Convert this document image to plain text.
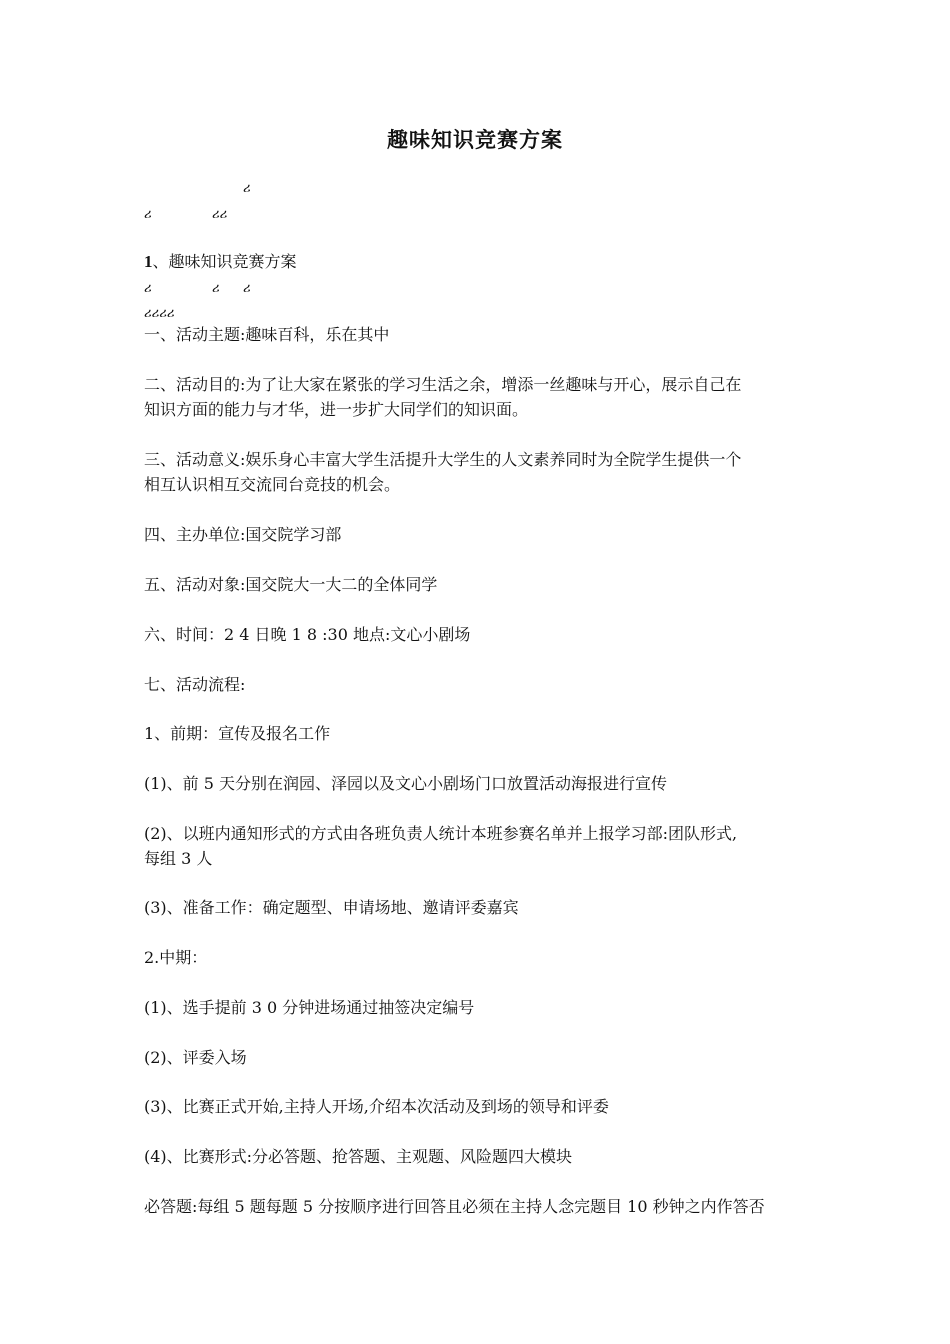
趣味知识竞赛方案
ሪ
ሪ	ሪሪ
1、趣味知识竞赛方案
ሪ	ሪ ሪ
ሪሪሪሪ
一、活动主题:趣味百科，乐在其中
二、活动目的:为了让大家在紧张的学习生活之余，增添一丝趣味与开心，展示自己在
知识方面的能力与才华，进一步扩大同学们的知识面。
三、活动意义:娱乐身心丰富大学生活提升大学生的人文素养同时为全院学生提供一个
相互认识相互交流同台竞技的机会。
四、主办单位:国交院学习部
五、活动对象:国交院大一大二的全体同学
六、时间：2 4 日晚 1 8 :30 地点:文心小剧场
七、活动流程:
1、前期：宣传及报名工作
(1)、前 5 天分别在润园、泽园以及文心小剧场门口放置活动海报进行宣传
(2)、以班内通知形式的方式由各班负责人统计本班参赛名单并上报学习部:团队形式,
每组 3 人
(3)、准备工作：确定题型、申请场地、邀请评委嘉宾
2.中期：
(1)、选手提前 3 0 分钟进场通过抽签决定编号
(2)、评委入场
(3)、比赛正式开始,主持人开场,介绍本次活动及到场的领导和评委
(4)、比赛形式:分必答题、抢答题、主观题、风险题四大模块
必答题:每组 5 题每题 5 分按顺序进行回答且必须在主持人念完题目 10 秒钟之内作答否
